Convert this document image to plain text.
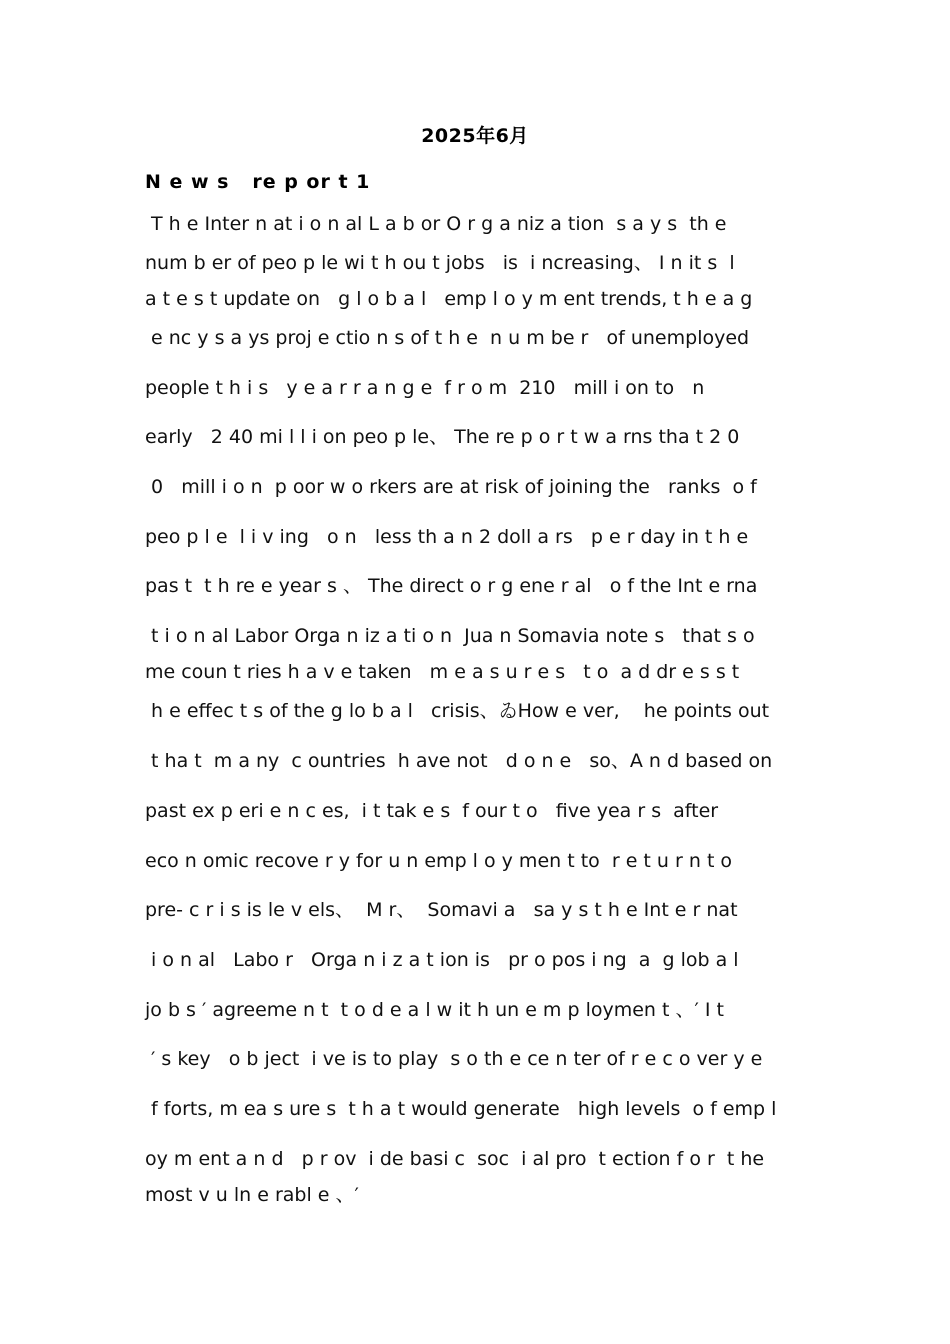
2025年6月
N e w s   re p or t 1
T h e Inter n at i o n al L a b or O r g a niz a tion  s a y s  th e
num b er of peo p le wi t h ou t jobs   is  i ncreasing、 I n it s  l
a t e s t update on   g l o b a l   emp l o y m ent trends, t h e a g
e nc y s a ys proj e ctio n s of t h e  n u m be r   of unemployed
people t h i s   y e a r r a n g e  f r o m  210   mill i on to   n
early   2 40 mi l l i on peo p le、 The re p o r t w a rns tha t 2 0
0   mill i o n  p oor w o rkers are at risk of joining the   ranks  o f
peo p l e  l i v ing   o n   less th a n 2 doll a rs   p e r day in t h e
pas t  t h re e year s 、 The direct o r g ene r al   o f the Int e rna
t i o n al Labor Orga n iz a ti o n  Jua n Somavia note s   that s o
me coun t ries h a v e taken   m e a s u r e s   t o  a d dr e s s t
h e effec t s of the g lo b a l   crisis、ゐHow e ver,    he points out
t ha t  m a ny  c ountries  h ave not   d o n e   so、A n d based on
past ex p eri e n c es,  i t tak e s  f our t o   five yea r s  after
eco n omic recove r y for u n emp l o y men t to  r e t u r n t o
pre- c r i s is le v els、  M r、  Somavi a   sa y s t h e Int e r nat
i o n al   Labo r   Orga n i z a t ion is   pr o pos i ng  a  g lob a l
jo b s ′ agreeme n t  t o d e a l w it h un e m p loymen t 、′ I t
′ s key   o b ject  i ve is to play  s o th e ce n ter of r e c o ver y e
f forts, m ea s ure s  t h a t would generate   high levels  o f emp l
oy m ent a n d   p r ov  i de basi c  soc  i al pro  t ection f o r  t he
most v u ln e rabl e 、′
